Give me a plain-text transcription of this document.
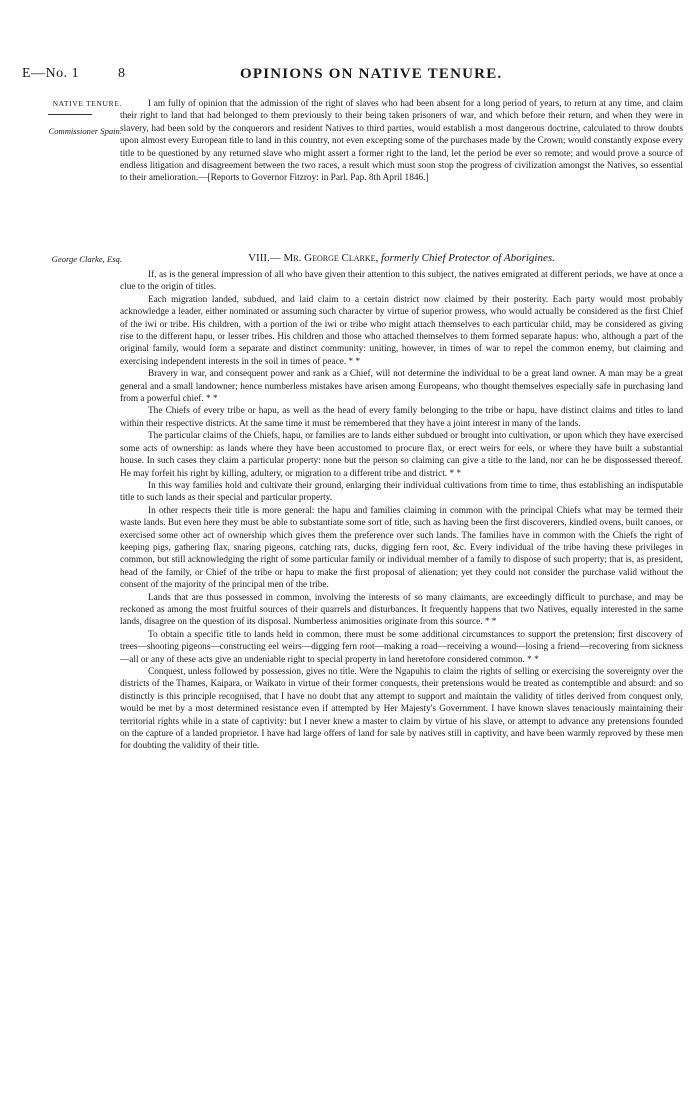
E—No. 1	8	OPINIONS ON NATIVE TENURE.
NATIVE TENURE.
Commissioner Spain.
George Clarke, Esq.

I am fully of opinion that the admission of the right of slaves who had been absent for a long period of years, to return at any time, and claim their right to land that had belonged to them previously to their being taken prisoners of war, and which before their return, and when they were in slavery, had been sold by the conquerors and resident Natives to third parties, would establish a most dangerous doctrine, calculated to throw doubts upon almost every European title to land in this country, not even excepting some of the purchases made by the Crown; would constantly expose every title to be questioned by any returned slave who might assert a former right to the land, let the period be ever so remote; and would prove a source of endless litigation and disagreement between the two races, a result which must soon stop the progress of civilization amongst the Natives, so essential to their amelioration.—[Reports to Governor Fitzroy: in Parl. Pap. 8th April 1846.]

VIII.— Mr. George Clarke, formerly Chief Protector of Aborigines.

If, as is the general impression of all who have given their attention to this subject, the natives emigrated at different periods, we have at once a clue to the origin of titles.

Each migration landed, subdued, and laid claim to a certain district now claimed by their posterity. Each party would most probably acknowledge a leader, either nominated or assuming such character by virtue of superior prowess, who would actually be considered as the first Chief of the iwi or tribe. His children, with a portion of the iwi or tribe who might attach themselves to each particular child, may be considered as giving rise to the different hapu, or lesser tribes. His children and those who attached themselves to them formed separate hapus: who, although a part of the original family, would form a separate and distinct community: uniting, however, in times of war to repel the common enemy, but claiming and exercising independent interests in the soil in times of peace. * *

Bravery in war, and consequent power and rank as a Chief, will not determine the individual to be a great land owner. A man may be a great general and a small landowner; hence numberless mistakes have arisen among Europeans, who thought themselves especially safe in purchasing land from a powerful chief. * *

The Chiefs of every tribe or hapu, as well as the head of every family belonging to the tribe or hapu, have distinct claims and titles to land within their respective districts. At the same time it must be remembered that they have a joint interest in many of the lands.

The particular claims of the Chiefs, hapu, or families are to lands either subdued or brought into cultivation, or upon which they have exercised some acts of ownership: as lands where they have been accustomed to procure flax, or erect weirs for eels, or where they have built a substantial house. In such cases they claim a particular property: none but the person so claiming can give a title to the land, nor can he be dispossessed thereof. He may forfeit his right by killing, adultery, or migration to a different tribe and district. * *

In this way families hold and cultivate their ground, enlarging their individual cultivations from time to time, thus establishing an indisputable title to such lands as their special and particular property.

In other respects their title is more general: the hapu and families claiming in common with the principal Chiefs what may be termed their waste lands. But even here they must be able to substantiate some sort of title, such as having been the first discoverers, kindled ovens, built canoes, or exercised some other act of ownership which gives them the preference over such lands. The families have in common with the Chiefs the right of keeping pigs, gathering flax, snaring pigeons, catching rats, ducks, digging fern root, &c. Every individual of the tribe having these privileges in common, but still acknowledging the right of some particular family or individual member of a family to dispose of such property; that is, as president, head of the family, or Chief of the tribe or hapu to make the first proposal of alienation; yet they could not consider the purchase valid without the consent of the majority of the principal men of the tribe.

Lands that are thus possessed in common, involving the interests of so many claimants, are exceedingly difficult to purchase, and may be reckoned as among the most fruitful sources of their quarrels and disturbances. It frequently happens that two Natives, equally interested in the same lands, disagree on the question of its disposal. Numberless animosities originate from this source. * *

To obtain a specific title to lands held in common, there must be some additional circumstances to support the pretension; first discovery of trees—shooting pigeons—constructing eel weirs—digging fern root—making a road—receiving a wound—losing a friend—recovering from sickness—all or any of these acts give an undeniable right to special property in land heretofore considered common. * *

Conquest, unless followed by possession, gives no title. Were the Ngapuhis to claim the rights of selling or exercising the sovereignty over the districts of the Thames, Kaipara, or Waikato in virtue of their former conquests, their pretensions would be treated as contemptible and absurd: and so distinctly is this principle recognised, that I have no doubt that any attempt to support and maintain the validity of titles derived from conquest only, would be met by a most determined resistance even if attempted by Her Majesty's Government. I have known slaves tenaciously maintaining their territorial rights while in a state of captivity: but I never knew a master to claim by virtue of his slave, or attempt to advance any pretensions founded on the capture of a landed proprietor. I have had large offers of land for sale by natives still in captivity, and have been warmly reproved by these men for doubting the validity of their title.
